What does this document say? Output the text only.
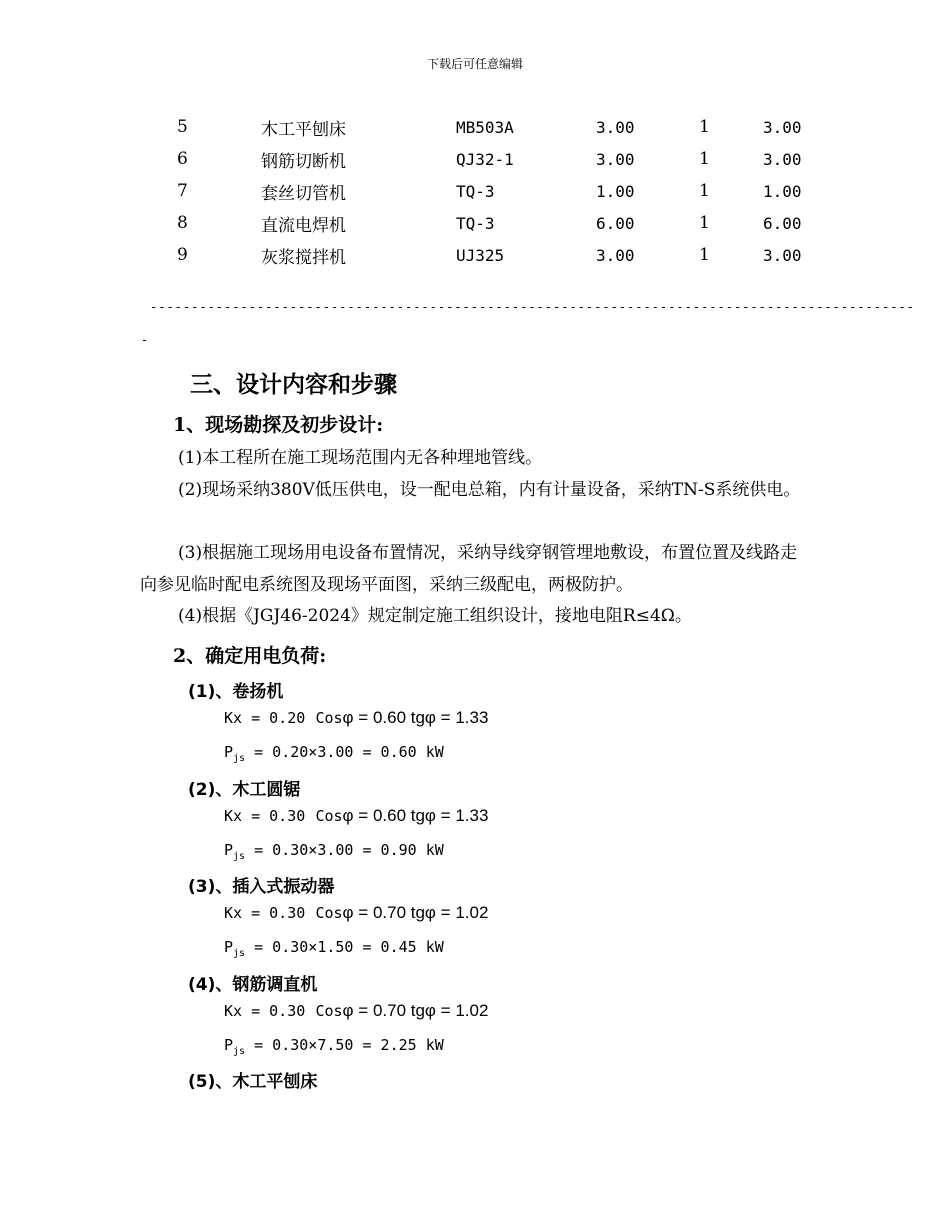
下载后可任意编辑
5	木工平刨床	MB503A	3.00	1	3.00
6	钢筋切断机	QJ32-1	3.00	1	3.00
7	套丝切管机	TQ-3	1.00	1	1.00
8	直流电焊机	TQ-3	6.00	1	6.00
9	灰浆搅拌机	UJ325	3.00	1	3.00
---------------------------------------------------------------------------------------------
-
三、设计内容和步骤
1、现场勘探及初步设计:
(1)本工程所在施工现场范围内无各种埋地管线。
(2)现场采纳380V低压供电，设一配电总箱，内有计量设备，采纳TN-S系统供电。
(3)根据施工现场用电设备布置情况，采纳导线穿钢管埋地敷设，布置位置及线路走向参见临时配电系统图及现场平面图，采纳三级配电，两极防护。
(4)根据《JGJ46-2024》规定制定施工组织设计，接地电阻R≤4Ω。
2、确定用电负荷:
(1)、卷扬机
Kx = 0.20 Cosφ = 0.60 tgφ = 1.33
$P_{js} = 0.20\times 3.00 = 0.60$ kW
(2)、木工圆锯
Kx = 0.30 Cosφ = 0.60 tgφ = 1.33
$P_{js} = 0.30\times 3.00 = 0.90$ kW
(3)、插入式振动器
Kx = 0.30 Cosφ = 0.70 tgφ = 1.02
$P_{js} = 0.30\times 1.50 = 0.45$ kW
(4)、钢筋调直机
Kx = 0.30 Cosφ = 0.70 tgφ = 1.02
$P_{js} = 0.30\times 7.50 = 2.25$ kW
(5)、木工平刨床
